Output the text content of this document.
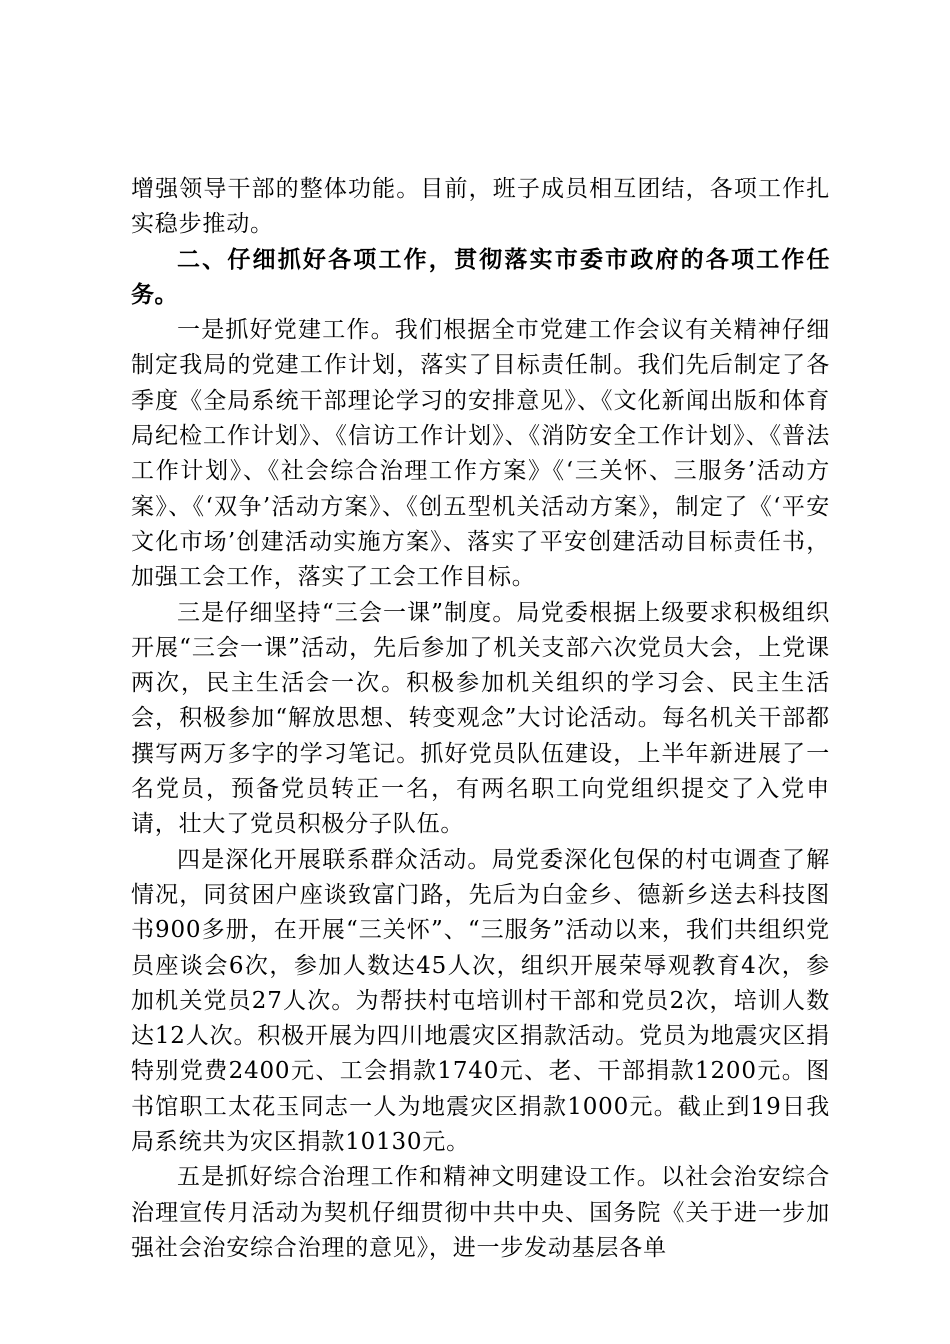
增强领导干部的整体功能。目前，班子成员相互团结，各项工作扎实稳步推动。

二、仔细抓好各项工作，贯彻落实市委市政府的各项工作任务。

一是抓好党建工作。我们根据全市党建工作会议有关精神仔细制定我局的党建工作计划，落实了目标责任制。我们先后制定了各季度《全局系统干部理论学习的安排意见》、《文化新闻出版和体育局纪检工作计划》、《信访工作计划》、《消防安全工作计划》、《普法工作计划》、《社会综合治理工作方案》《‘三关怀、三服务’活动方案》、《‘双争’活动方案》、《创五型机关活动方案》，制定了《‘平安文化市场’创建活动实施方案》、落实了平安创建活动目标责任书，加强工会工作，落实了工会工作目标。

三是仔细坚持“三会一课”制度。局党委根据上级要求积极组织开展“三会一课”活动，先后参加了机关支部六次党员大会，上党课两次，民主生活会一次。积极参加机关组织的学习会、民主生活会，积极参加“解放思想、转变观念”大讨论活动。每名机关干部都撰写两万多字的学习笔记。抓好党员队伍建设，上半年新进展了一名党员，预备党员转正一名，有两名职工向党组织提交了入党申请，壮大了党员积极分子队伍。

四是深化开展联系群众活动。局党委深化包保的村屯调查了解情况，同贫困户座谈致富门路，先后为白金乡、德新乡送去科技图书900多册，在开展“三关怀”、“三服务”活动以来，我们共组织党员座谈会6次，参加人数达45人次，组织开展荣辱观教育4次，参加机关党员27人次。为帮扶村屯培训村干部和党员2次，培训人数达12人次。积极开展为四川地震灾区捐款活动。党员为地震灾区捐特别党费2400元、工会捐款1740元、老、干部捐款1200元。图书馆职工太花玉同志一人为地震灾区捐款1000元。截止到19日我局系统共为灾区捐款10130元。

五是抓好综合治理工作和精神文明建设工作。以社会治安综合治理宣传月活动为契机仔细贯彻中共中央、国务院《关于进一步加强社会治安综合治理的意见》，进一步发动基层各单
